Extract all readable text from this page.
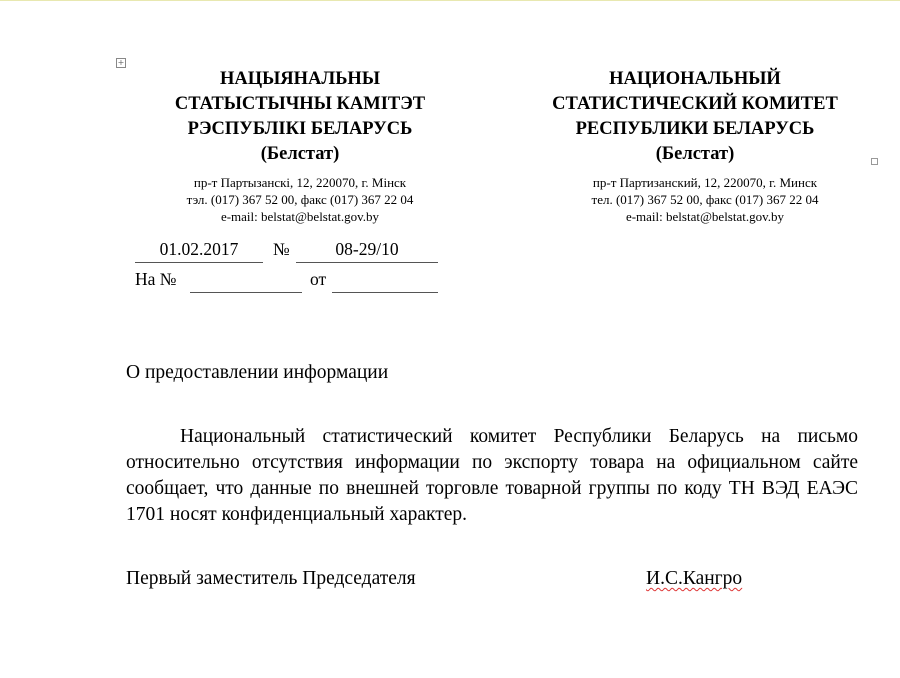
+
НАЦЫЯНАЛЬНЫ
СТАТЫСТЫЧНЫ КАМІТЭТ
РЭСПУБЛІКІ БЕЛАРУСЬ
(Белстат)
НАЦИОНАЛЬНЫЙ
СТАТИСТИЧЕСКИЙ КОМИТЕТ
РЕСПУБЛИКИ БЕЛАРУСЬ
(Белстат)
пр-т Партызанскі, 12, 220070, г. Мінск
тэл. (017) 367 52 00, факс (017) 367 22 04
e-mail: belstat@belstat.gov.by
пр-т Партизанский, 12, 220070, г. Минск
тел. (017) 367 52 00, факс (017) 367 22 04
e-mail: belstat@belstat.gov.by
01.02.2017	№	08-29/10
На №	от
О предоставлении информации
Национальный статистический комитет Республики Беларусь на письмо относительно отсутствия информации по экспорту товара на официальном сайте сообщает, что данные по внешней торговле товарной группы по коду ТН ВЭД ЕАЭС 1701 носят конфиденциальный характер.
Первый заместитель Председателя	И.С.Кангро
